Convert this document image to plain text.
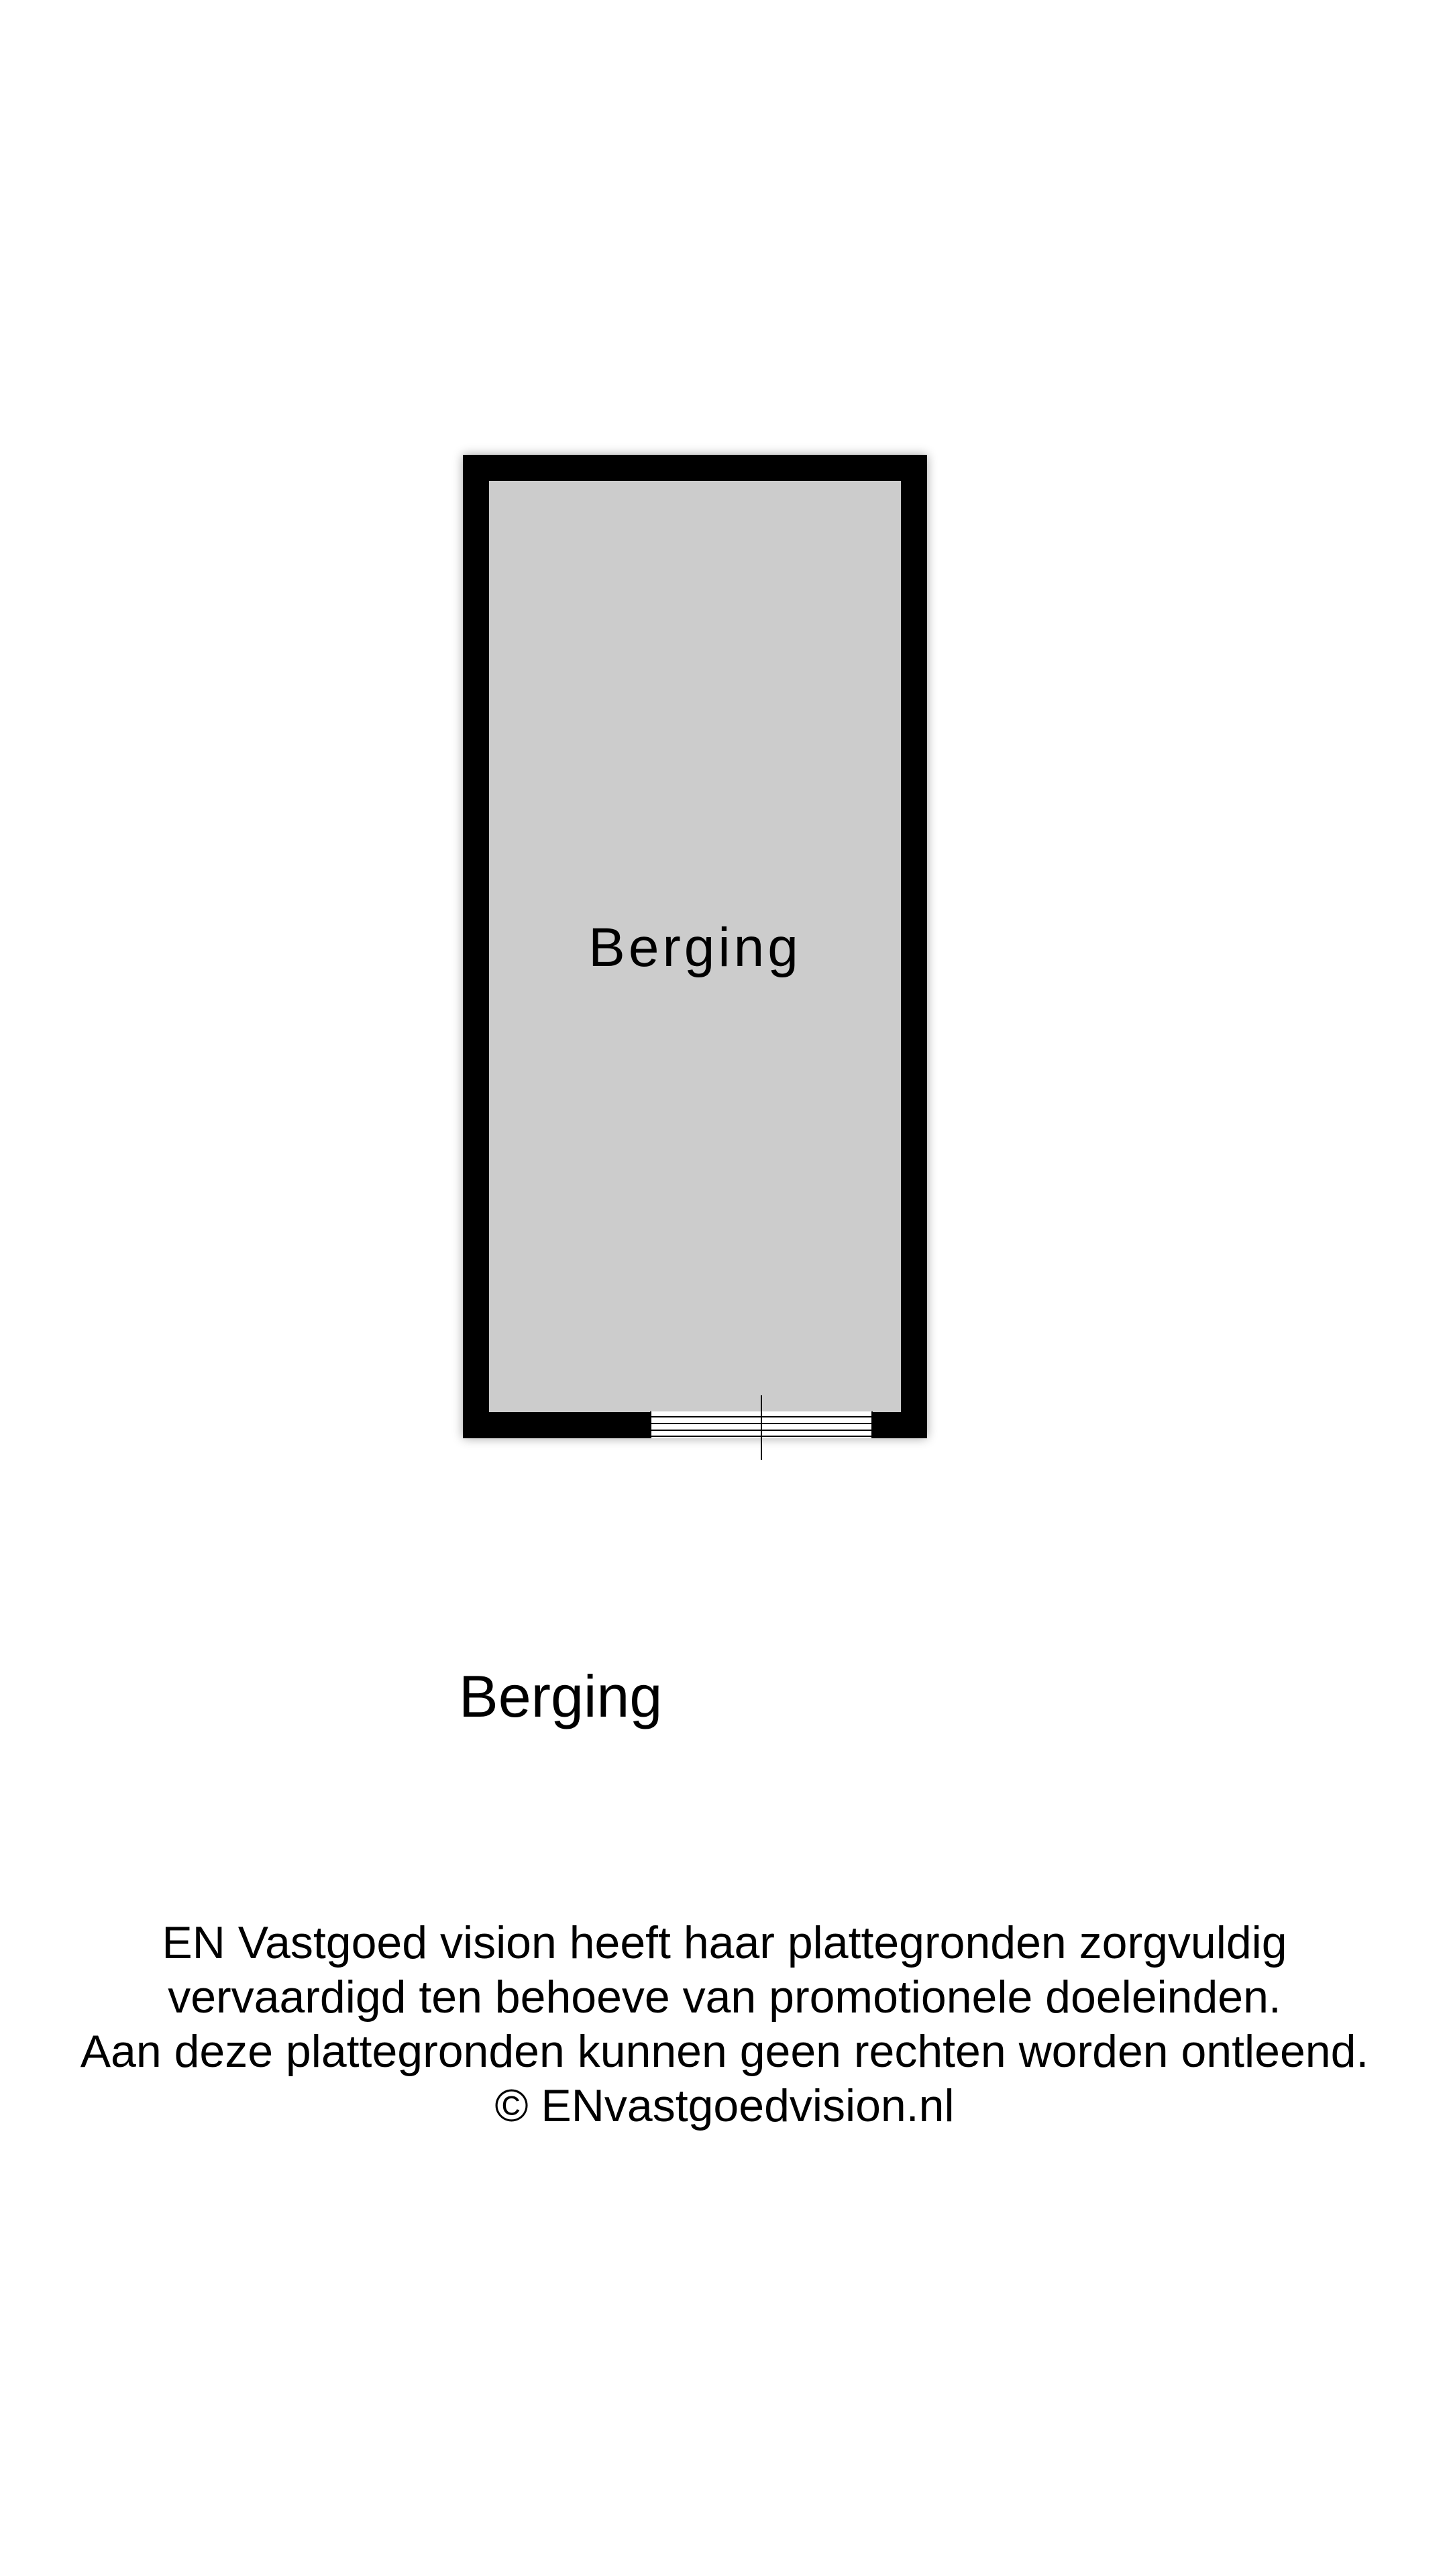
Berging
Berging
EN Vastgoed vision heeft haar plattegronden zorgvuldig
vervaardigd ten behoeve van promotionele doeleinden.
Aan deze plattegronden kunnen geen rechten worden ontleend.
© ENvastgoedvision.nl
